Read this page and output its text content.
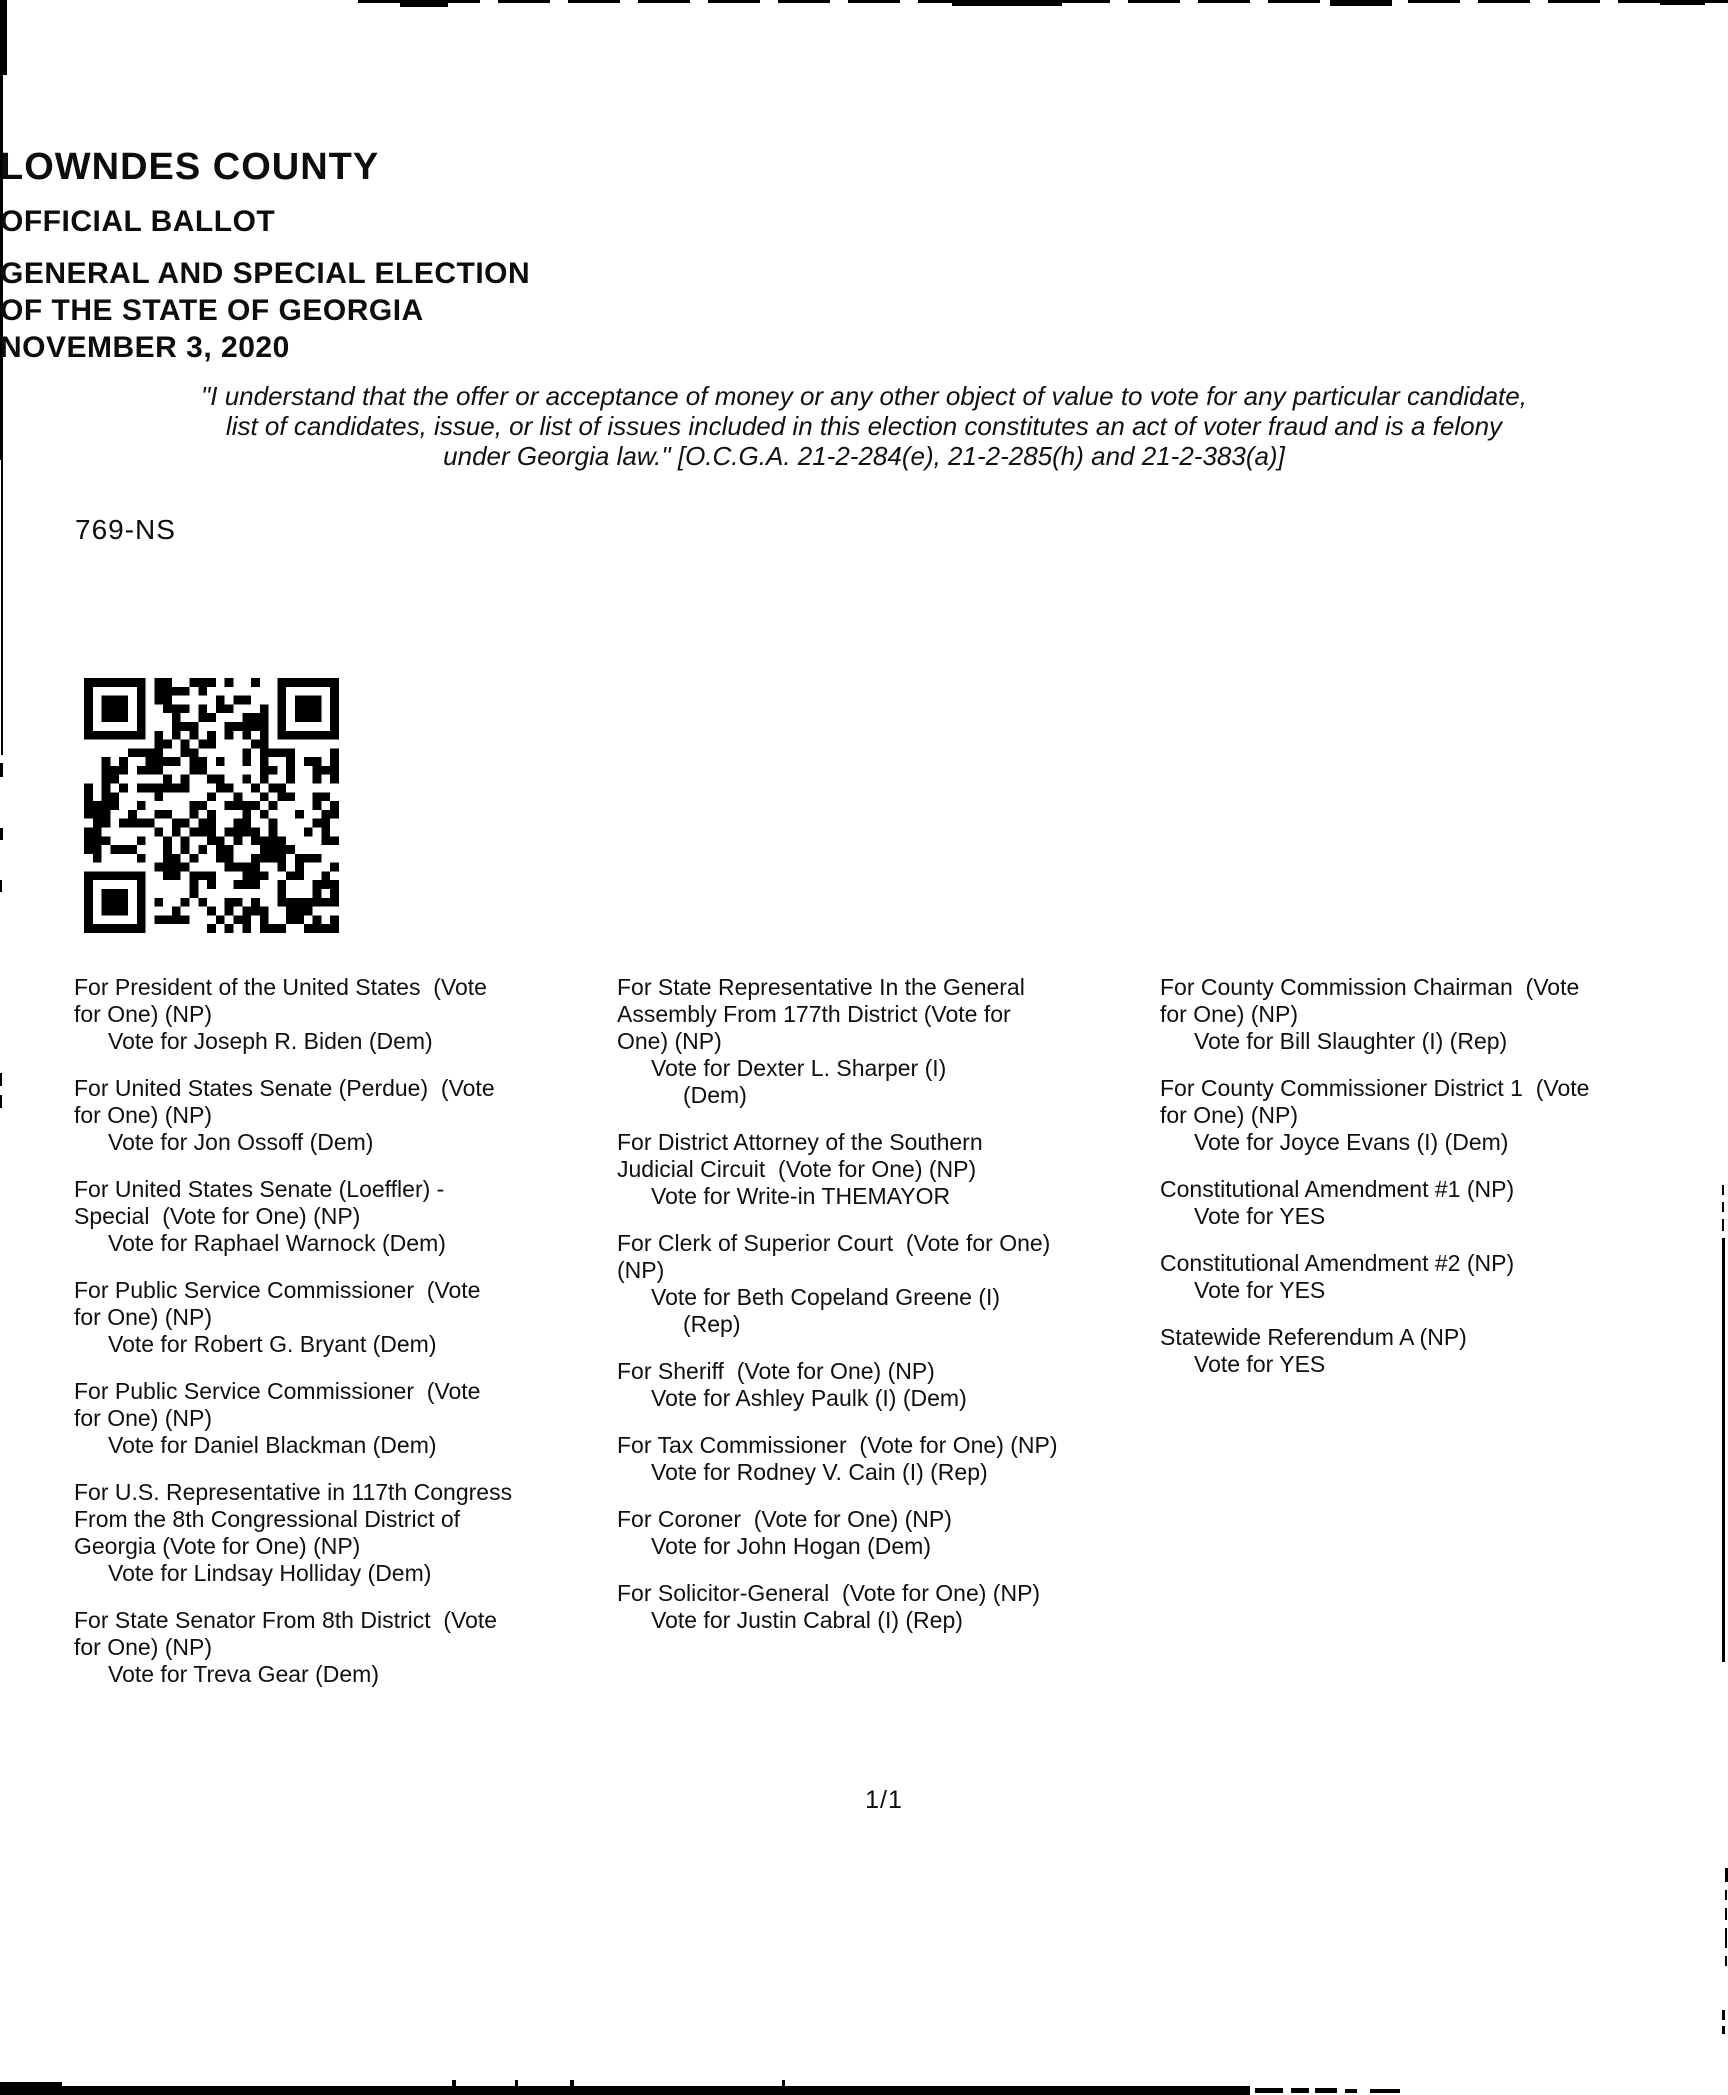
LOWNDES COUNTY
OFFICIAL BALLOT
GENERAL AND SPECIAL ELECTION
OF THE STATE OF GEORGIA
NOVEMBER 3, 2020
"I understand that the offer or acceptance of money or any other object of value to vote for any particular candidate,
list of candidates, issue, or list of issues included in this election constitutes an act of voter fraud and is a felony
under Georgia law." [O.C.G.A. 21-2-284(e), 21-2-285(h) and 21-2-383(a)]
769-NS
For President of the United States  (Vote
for One) (NP)
Vote for Joseph R. Biden (Dem)
For United States Senate (Perdue)  (Vote
for One) (NP)
Vote for Jon Ossoff (Dem)
For United States Senate (Loeffler) -
Special  (Vote for One) (NP)
Vote for Raphael Warnock (Dem)
For Public Service Commissioner  (Vote
for One) (NP)
Vote for Robert G. Bryant (Dem)
For Public Service Commissioner  (Vote
for One) (NP)
Vote for Daniel Blackman (Dem)
For U.S. Representative in 117th Congress
From the 8th Congressional District of
Georgia (Vote for One) (NP)
Vote for Lindsay Holliday (Dem)
For State Senator From 8th District  (Vote
for One) (NP)
Vote for Treva Gear (Dem)
For State Representative In the General
Assembly From 177th District (Vote for
One) (NP)
Vote for Dexter L. Sharper (I)
(Dem)
For District Attorney of the Southern
Judicial Circuit  (Vote for One) (NP)
Vote for Write-in THEMAYOR
For Clerk of Superior Court  (Vote for One)
(NP)
Vote for Beth Copeland Greene (I)
(Rep)
For Sheriff  (Vote for One) (NP)
Vote for Ashley Paulk (I) (Dem)
For Tax Commissioner  (Vote for One) (NP)
Vote for Rodney V. Cain (I) (Rep)
For Coroner  (Vote for One) (NP)
Vote for John Hogan (Dem)
For Solicitor-General  (Vote for One) (NP)
Vote for Justin Cabral (I) (Rep)
For County Commission Chairman  (Vote
for One) (NP)
Vote for Bill Slaughter (I) (Rep)
For County Commissioner District 1  (Vote
for One) (NP)
Vote for Joyce Evans (I) (Dem)
Constitutional Amendment #1 (NP)
Vote for YES
Constitutional Amendment #2 (NP)
Vote for YES
Statewide Referendum A (NP)
Vote for YES
1/1
